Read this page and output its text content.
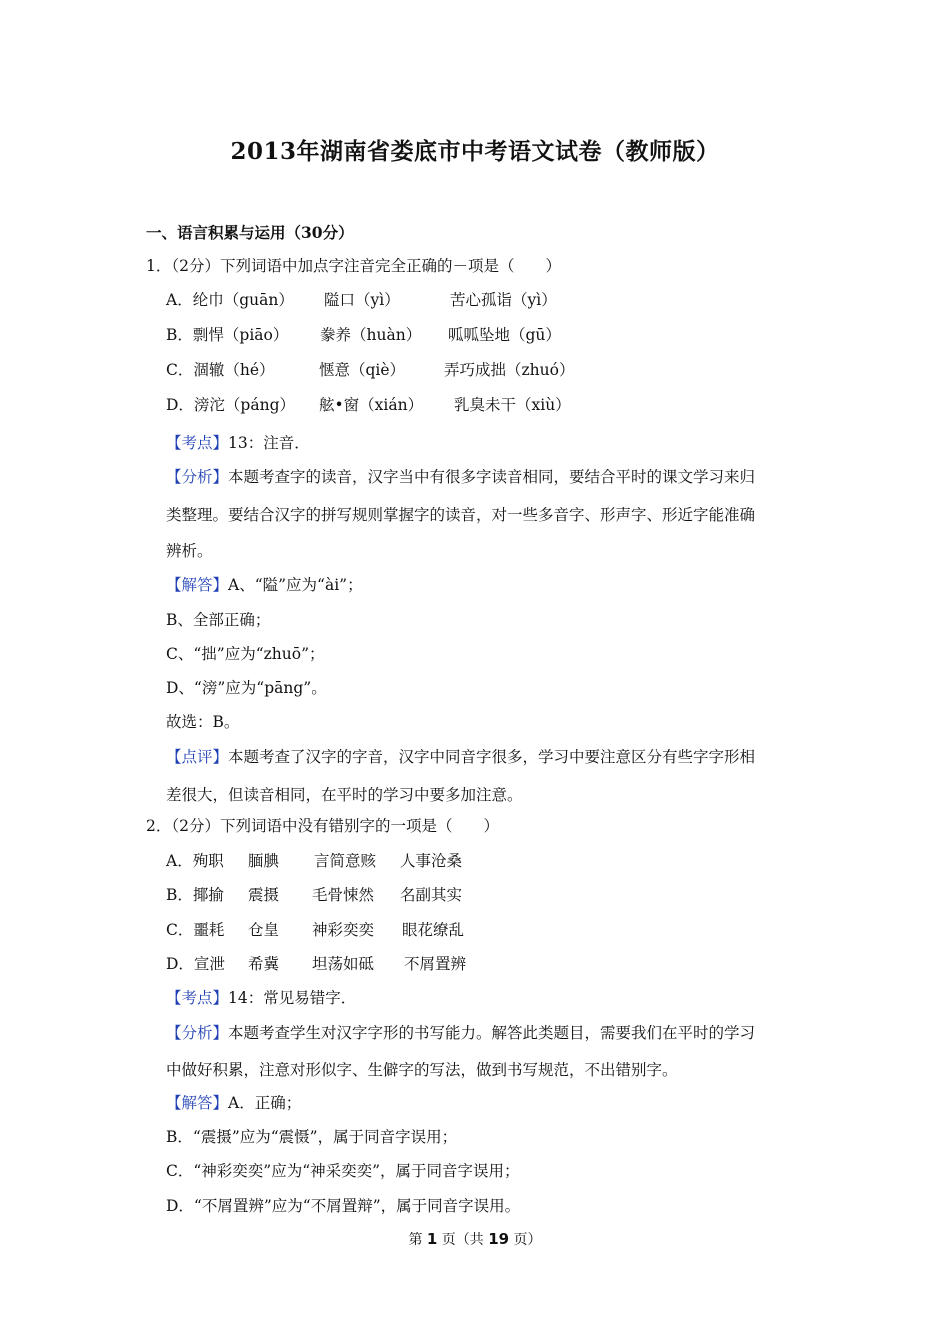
2013年湖南省娄底市中考语文试卷（教师版）
一、语言积累与运用（30分）
1．（2分）下列词语中加点字注音完全正确的－项是（　　）
A．纶巾（guān） 隘口（yì）	苦心孤诣（yì）
B．剽悍（piāo） 豢养（huàn） 呱呱坠地（gū）
C．涸辙（hé）	惬意（qiè）	弄巧成拙（zhuó）
D．滂沱（páng） 舷•窗（xián） 乳臭未干（xiù）
【考点】13：注音．
【分析】本题考查字的读音，汉字当中有很多字读音相同，要结合平时的课文学习来归
类整理。要结合汉字的拼写规则掌握字的读音，对一些多音字、形声字、形近字能准确
辨析。
【解答】A、“隘”应为“ài”；
B、全部正确；
C、“拙”应为“zhuō”；
D、“滂”应为“pāng”。
故选：B。
【点评】本题考查了汉字的字音，汉字中同音字很多，学习中要注意区分有些字字形相
差很大，但读音相同，在平时的学习中要多加注意。
2．（2分）下列词语中没有错别字的一项是（　　）
A．殉职 腼腆 言简意赅 人事沧桑
B．揶揄 震摄 毛骨悚然 名副其实
C．噩耗 仓皇 神彩奕奕 眼花缭乱
D．宣泄 希冀 坦荡如砥 不屑置辨
【考点】14：常见易错字．
【分析】本题考查学生对汉字字形的书写能力。解答此类题目，需要我们在平时的学习
中做好积累，注意对形似字、生僻字的写法，做到书写规范，不出错别字。
【解答】A．正确；
B．“震摄”应为“震慑”，属于同音字误用；
C．“神彩奕奕”应为“神采奕奕”，属于同音字误用；
D．“不屑置辨”应为“不屑置辩”，属于同音字误用。
第 1 页（共 19 页）
